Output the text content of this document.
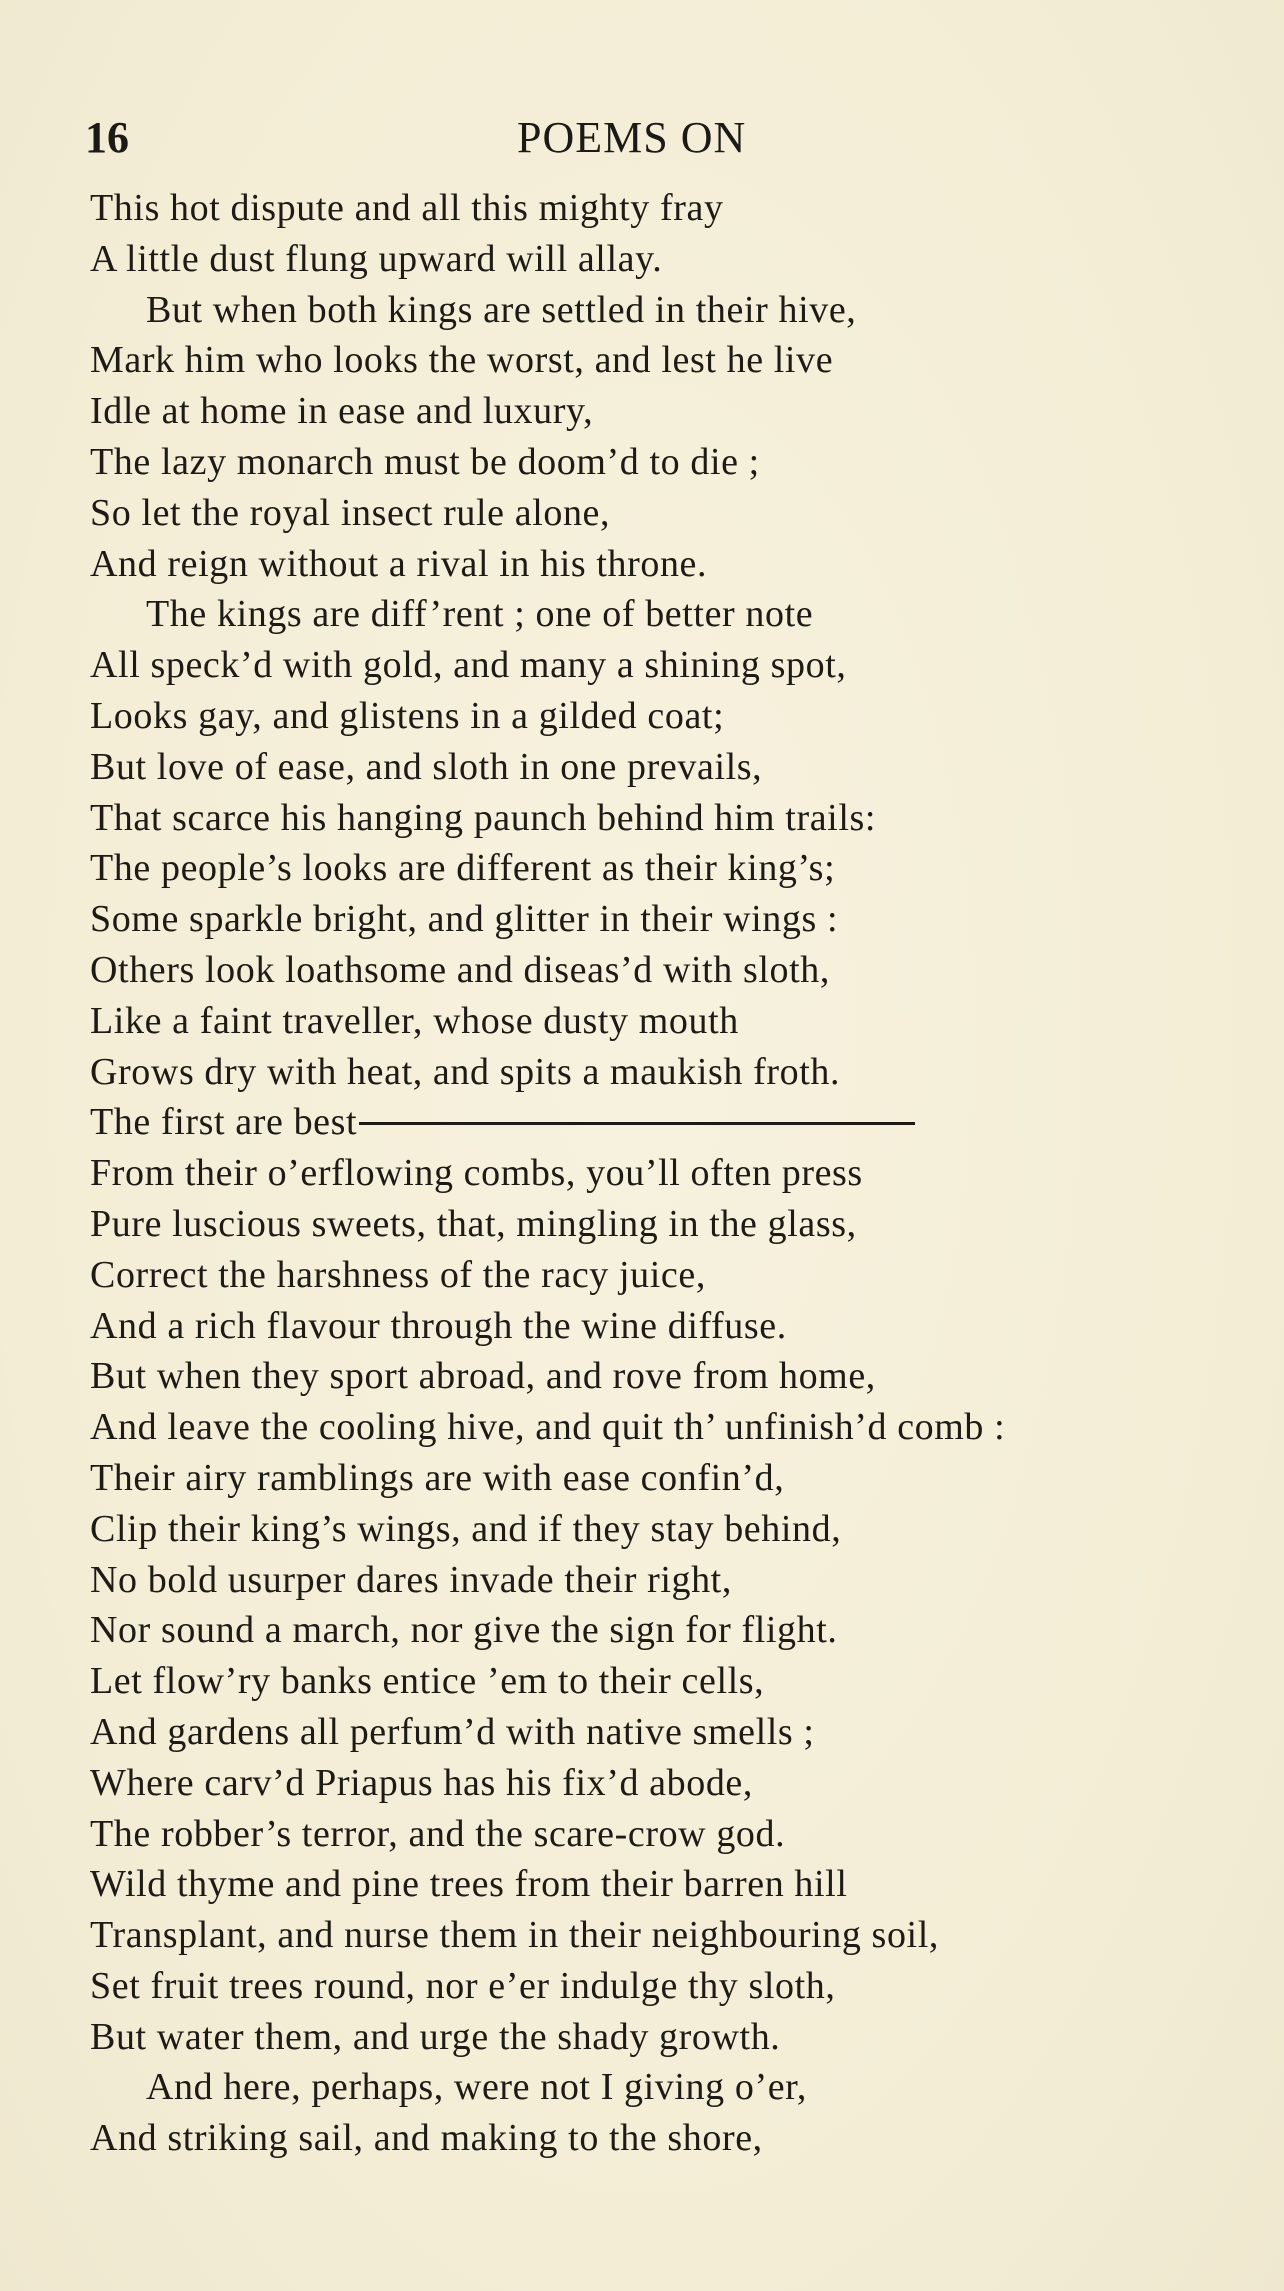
16	POEMS ON
This hot dispute and all this mighty fray
A little dust flung upward will allay.
But when both kings are settled in their hive,
Mark him who looks the worst, and lest he live
Idle at home in ease and luxury,
The lazy monarch must be doom’d to die ;
So let the royal insect rule alone,
And reign without a rival in his throne.
The kings are diff’rent ; one of better note
All speck’d with gold, and many a shining spot,
Looks gay, and glistens in a gilded coat;
But love of ease, and sloth in one prevails,
That scarce his hanging paunch behind him trails:
The people’s looks are different as their king’s;
Some sparkle bright, and glitter in their wings :
Others look loathsome and diseas’d with sloth,
Like a faint traveller, whose dusty mouth
Grows dry with heat, and spits a maukish froth.
The first are best
From their o’erflowing combs, you’ll often press
Pure luscious sweets, that, mingling in the glass,
Correct the harshness of the racy juice,
And a rich flavour through the wine diffuse.
But when they sport abroad, and rove from home,
And leave the cooling hive, and quit th’ unfinish’d comb :
Their airy ramblings are with ease confin’d,
Clip their king’s wings, and if they stay behind,
No bold usurper dares invade their right,
Nor sound a march, nor give the sign for flight.
Let flow’ry banks entice ’em to their cells,
And gardens all perfum’d with native smells ;
Where carv’d Priapus has his fix’d abode,
The robber’s terror, and the scare-crow god.
Wild thyme and pine trees from their barren hill
Transplant, and nurse them in their neighbouring soil,
Set fruit trees round, nor e’er indulge thy sloth,
But water them, and urge the shady growth.
And here, perhaps, were not I giving o’er,
And striking sail, and making to the shore,
